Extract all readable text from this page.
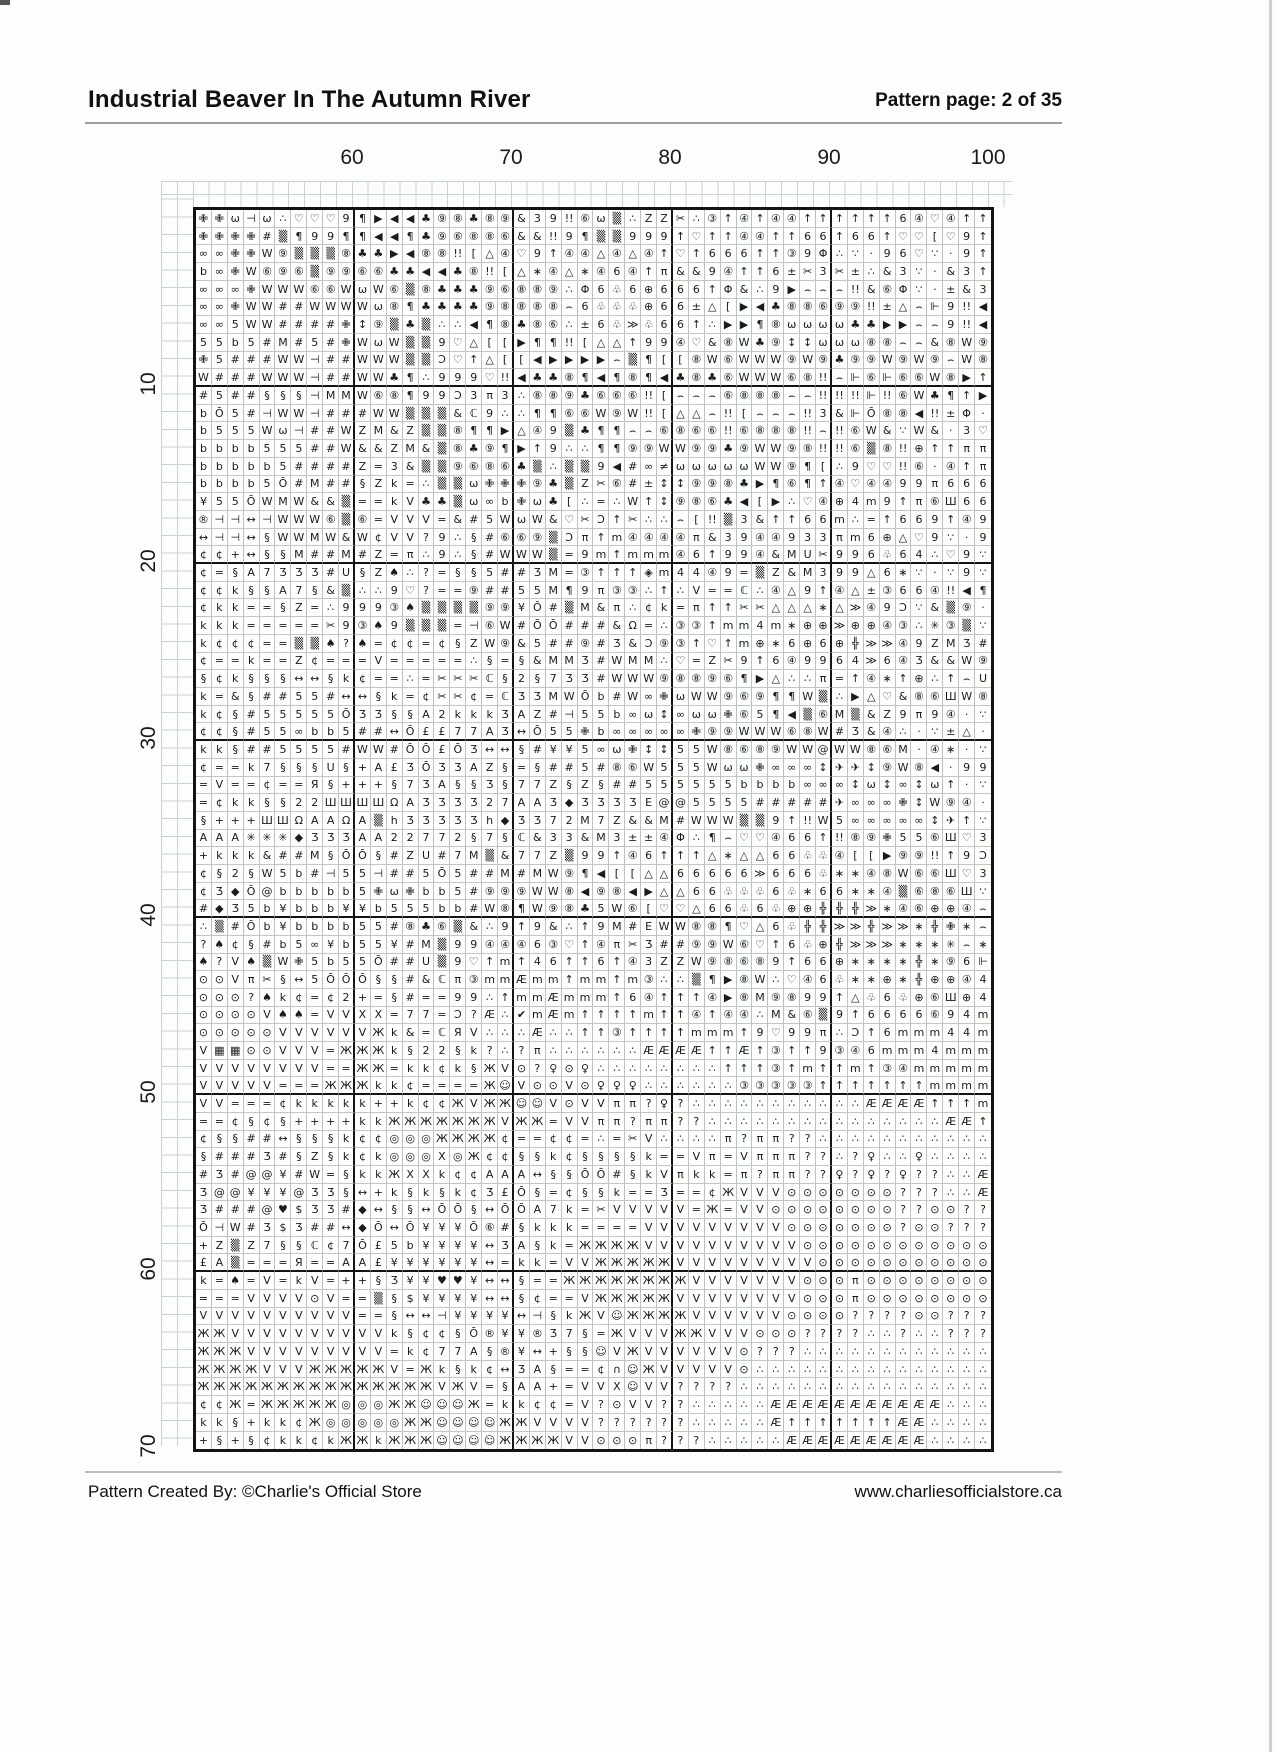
Industrial Beaver In The Autumn River	Pattern page: 2 of 35
60	70	80	90	100
10
20
30
40
50
60
70
✙ ✙ ω ⊣ ω ∴ ♡ ♡ ♡ 9 ¶ ▶ ◀ ◀ ♣ ⑨ ⑧ ♣ ⑧ ⑨ & 3 9 !! ⑥ ω ▒ ∴ Z Z ✂ ∴ ③ ↑ ④ ↑ ④ ④ ↑ ↑ ↑ ↑ ↑ ↑ 6 ④ ♡ ④ ↑ ↑
✙ ✙ ✙ ✙ # ▒ ¶ 9 9 ¶ ¶ ◀ ◀ ¶ ♣ ⑨ ⑥ ⑧ ⑧ ⑥ & & !! 9 ¶ ▒ ▒ 9 9 9 ↑ ♡ ↑ ↑ ④ ④ ↑ ↑ 6 6 ↑ 6 6 ↑ ♡ ♡ [ ♡ 9 ↑
∞ ∞ ✙ ✙ W ⑨ ▒ ▒ ▒ ⑧ ♣ ♣ ▶ ◀ ⑧ ⑧ !! [ △ ④ ♡ 9 ↑ ④ ④ △ ④ △ ④ ↑ ♡ ↑ 6 6 6 ↑ ↑ ③ 9 Φ ∴ ∵ · 9 6 ♡ ∵ · 9 ↑
b ∞ ✙ W ⑥ ⑨ ⑥ ▒ ⑨ ⑨ ⑥ ⑥ ♣ ♣ ◀ ◀ ♣ ⑧ !! [ △ ∗ ④ △ ∗ ④ 6 ④ ↑ π & & 9 ④ ↑ ↑ 6 ± ✂ 3 ✂ ± ∴ & 3 ∵ · & 3 ↑
∞ ∞ ∞ ✙ W W W ⑥ ⑥ W ω W ⑥ ▒ ⑧ ♣ ♣ ♣ ⑨ ⑥ ⑧ ⑧ ⑨ ∴ Φ 6 ♧ 6 ⊕ 6 6 6 ↑ Φ & ∴ 9 ▶ ⌢ ⌢ ⌢ !! & ⑥ Φ ∵ · ± & 3
∞ ∞ ✙ W W # # W W W W ω ⑧ ¶ ♣ ♣ ♣ ♣ ⑨ ⑧ ⑧ ⑧ ⑧ ⌢ 6 ♧ ♧ ♧ ⊕ 6 6 ± △ [ ▶ ◀ ♣ ⑧ ⑧ ⑥ ⑨ ⑨ !! ± △ ⌢ ⊩ 9 !! ◀
∞ ∞ 5 W W # # # # ✙ ↕ ⑨ ▒ ♣ ▒ ∴ ∴ ◀ ¶ ⑧ ♣ ⑧ ⑥ ∴ ± 6 ♧ ≫ ♧ 6 6 ↑ ∴ ▶ ▶ ¶ ⑧ ω ω ω ω ♣ ♣ ▶ ▶ ⌢ ⌢ 9 !! ◀
5 5 b 5 # M # 5 # ✙ W ω W ▒ ▒ 9 ♡ △ [	[ ▶ ¶ ¶ !! [ △ △ ↑ 9 9 ④ ♡ & ⑧ W ♣ ⑨ ↕ ↕ ω ω ω ⑧ ⑧ ⌢ ⌢ & ⑧ W ⑨
✙ 5 # # # W W ⊣ # # W W W ▒ ▒ Ɔ ♡ ↑ △ [	[ ◀ ▶ ▶ ▶ ▶ ⌢ ▒ ¶ [	[ ⑧ W ⑥ W W W ⑨ W ⑨ ♣ ⑨ ⑨ W ⑨ W ⑨ ⌢ W ⑧
W # # # W W W ⊣ # # W W ♣ ¶ ∴ 9 9 9 ♡ !! ◀ ♣ ♣ ⑧ ¶ ◀ ¶ ⑧ ¶ ◀ ♣ ⑧ ♣ ⑥ W W W ⑥ ⑧ !! ⌢ ⊩ ⑥ ⊩ ⑥ ⑥ W ⑧ ▶ ↑
# 5 # # § § § ⊣ M M W ⑥ ⑧ ¶ 9 9 Ɔ 3 π 3 ∴ ⑧ ⑧ ⑨ ♣ ⑥ ⑥ ⑥ !! [ ⌢ ⌢ ⌢ ⑥ ⑧ ⑧ ⑧ ⌢ ⌢ !! !! !! ⊩ !! ⑥ W ♣ ¶ ↑ ▶
b Ō 5 # ⊣ W W ⊣ # # # W W ▒ ▒ ▒ & ℂ 9 ∴ ∴ ¶ ¶ ⑥ ⑥ W ⑨ W !! [ △ △ ⌢ !! [ ⌢ ⌢ ⌢ !! 3 & ⊩ Ō ⑧ ⑧ ◀ !! ± Φ ·
b 5 5 5 W ω ⊣ # # W Z M & Z ▒ ▒ ⑧ ¶ ¶ ▶ △ ④ 9 ▒ ♣ ¶ ¶ ⌢ ⌢ ⑥ ⑧ ⑥ ⑥ !! ⑥ ⑧ ⑧ ⑧ !! ⌢ !! ⑥ W & ∵ W & · 3 ♡
b b b b 5 5 5 # # W & & Z M & ▒ ⑧ ♣ ⑨ ¶ ▶ ↑ 9 ∴ ∴ ¶ ¶ ⑨ ⑨ W W ⑨ ⑨ ♣ ⑨ W W ⑨ ⑧ !! !! ⑥ ▒ ⑧ !! ⊕ ↑ ↑ π π
b b b b b 5 # # # # Z = 3 & ▒ ▒ ⑨ ⑥ ⑧ ⑥ ♣ ▒ ∴ ▒ ▒ 9 ◀ # ∞ ≠ ω ω ω ω ω W W ⑨ ¶ [ ∴ 9 ♡ ♡ !! ⑥ · ④ ↑ π
b b b b 5 Ō # M # # § Z k = ∴ ▒ ▒ ω ✙ ✙ ✙ ⑨ ♣ ▒ Z ✂ ⑥ # ± ↕ ↕ ⑨ ⑨ ⑧ ♣ ▶ ¶ ⑥ ¶ ↑ ④ ♡ ④ ④ 9 9 π 6 6 6
¥ 5 5 Ō W M W & & ▒ = = k V ♣ ♣ ▒ ω ∞ b ✙ ω ♣ [ ∴ = ∴ W ↑ ↕ ⑨ ⑧ ⑥ ♣ ◀ [ ▶ ∴ ♡ ④ ⊕ 4 m 9 ↑ π ⑥ Ш 6 6
® ⊣ ⊣ ↔ ⊣ W W W ⑥ ▒ ⑥ = V V V = & # 5 W ω W & ♡ ✂ Ɔ ↑ ✂ ∴ ∴ ⌢ [ !! ▒ 3 & ↑ ↑ 6 6 m ∴ = ↑ 6 6 9 ↑ ④ 9
↔ ⊣ ⊣ ↔ § W W M W & W ¢ V V ? 9 ∴ § # ⑥ ⑥ ⑨ ▒ Ɔ π ↑ m ④ ④ ④ ④ π & 3 9 ④ ④ 9 3 3 π m 6 ⊕ △ ♡ 9 ∵ ·	9
¢ ¢ + ↔ § § M # # M # Z = π ∴ 9 ∴ § # W W W ▒ = 9 m ↑ m m m ④ 6 ↑ 9 9 ④ & M U ✂ 9 9 6 ♧ 6 4 ∴ ♡ 9 ∵
¢ = § A 7 Ʒ Ʒ Ʒ # U § Z ♠ ∴ ? = § § 5 # # Ʒ M = ③ ↑ ↑ ↑ ◈ m 4 4 ④ 9 = ▒ Z & M 3 9 9 △ 6 ∗ ∵ · ∵ 9 ∵
¢ ¢ k § § A 7 § & ▒ ∴ ∴ 9 ♡ ? = = ⑨ # # 5 5 M ¶ 9 π ③ ③ ∴ ↑ ∴ V = = ℂ ∴ ④ △ 9 ↑ ④ △ ± ③ 6 6 ④ !! ◀ ¶
¢ k k = = § Z = ∴ 9 9 9 ③ ♠ ▒ ▒ ▒ ▒ ⑨ ⑨ ¥ Ō # ▒ M & π ∴ ¢ k = π ↑ ↑ ✂ ✂ △ △ △ ∗ △ ≫ ④ 9 Ɔ ∵ & ▒ ⑨ ·
k k k = = = = = ✂ 9 ③ ♠ 9 ▒ ▒ ▒ = ⊣ ⑥ W # Ō Ō # # # & Ω = ∴ ③ ③ ↑ m m 4 m ∗ ⊕ ⊕ ≫ ⊕ ⊕ ④ ③ ∴ ✳ ③ ▒ ∵
k ¢ ¢ ¢ = = ▒ ▒ ♠ ? ♠ = ¢ ¢ = ¢ § Z W ⑨ & 5 # # ⑨ # Ʒ & Ɔ ⑨ ③ ↑ ♡ ↑ m ⊕ ∗ 6 ⊕ 6 ⊕ ╬ ≫ ≫ ④ 9 Z M Ʒ #
¢ = = k = = Z ¢ = = = V = = = = = ∴ § = § & M M Ʒ # W M M ∴ ♡ = Z ✂ 9 ↑ 6 ④ 9 9 6 4 ≫ 6 ④ Ʒ & & W ⑨
§ ¢ k § § § ↔ ↔ § k ¢ = = ∴ = ✂ ✂ ✂ ℂ § 2 § 7 Ʒ Ʒ # W W W ⑨ ⑧ ⑧ ⑨ ⑥ ¶ ▶ △ ∴ ∴ π = ↑ ④ ∗ ↑ ⊕ ∴ ↑ ⌢ U
k = & § # # 5 5 # ↔ ↔ § k = ¢ ✂ ✂ ¢ = ℂ Ʒ Ʒ M W Ō b # W ∞ ✙ ω W W ⑨ ⑥ ⑨ ¶ ¶ W ▒ ∴ ▶ △ ♡ & ⑧ ⑥ Ш W ⑧
k ¢ § # 5 5 5 5 5 Ō Ʒ Ʒ § § A 2 k k k Ʒ A Z # ⊣ 5 5 b ∞ ω ↕ ∞ ω ω ✙ ⑥ 5 ¶ ◀ ▒ ⑥ M ▒ & Z 9 π 9 ④ ·	∵
¢ ¢ § # 5 5 ∞ b b 5 # # ↔ Ō £ £ 7 7 A Ʒ ↔ Ō 5 5 ✙ b ∞ ∞ ∞ ∞ ∞ ✙ ⑨ ⑨ W W W ⑥ ⑧ W # Ʒ & ④ ∴ · ∵ ± △ ·
k k § # # 5 5 5 5 # W W # Ō Ō £ Ō Ʒ ↔ ↔ § # ¥ ¥ 5 ∞ ω ✙ ↕ ↕ 5 5 W ⑧ ⑥ ⑧ ⑨ W W @ W W ⑧ ⑥ M · ④ ∗ ·	∵
¢ = = k 7 § § § U § + A £ Ʒ Ō Ʒ Ʒ A Z § = § # # 5 # ⑧ ⑥ W 5 5 5 W ω ω ✙ ∞ ∞ ∞ ↕ ✈ ✈ ↕ ⑨ W ⑧ ◀ · 9 9
= V = = ¢ = = Я § + + + § 7 Ʒ A § § Ʒ § 7 7 Z § Z § # # 5 5 5 5 5 5 b b b b ∞ ∞ ∞ ↕ ω ↕ ∞ ↕ ω ↑ ·	∵
= ¢ k k § § 2 2 Ш Ш Ш Ш Ω A Ʒ Ʒ Ʒ Ʒ 2 7 A A Ʒ ◆ Ʒ Ʒ Ʒ Ʒ E @ @ 5 5 5 5 # # # # # ✈ ∞ ∞ ∞ ✙ ↕ W ⑨ ④ ·
§ + + + Ш Ш Ω A A Ω A ▒ h Ʒ Ʒ Ʒ Ʒ Ʒ h ◆ Ʒ Ʒ 7 2 M 7 Z & & M # W W W ▒ ▒ 9 ↑ !! W 5 ∞ ∞ ∞ ∞ ∞ ↕ ✈ ↑ ∵
A A A ✳ ✳ ✳ ◆ Ʒ Ʒ Ʒ A A 2 2 7 7 2 § 7 § ℂ & 3 3 & M 3 ± ± ④ Φ ∴ ¶ ⌢ ♡ ♡ ④ 6 6 ↑ !! ⑧ ⑨ ✙ 5 5 ⑥ Ш ♡ 3
+ k k k & # # M § Ō Ō § # Z U # 7 M ▒ & 7 7 Z ▒ 9 9 ↑ ④ 6 ↑ ↑ ↑ △ ∗ △ △ 6 6 ♧ ♧ ④ [	[ ▶ ⑨ ⑨ !! ↑ 9 Ɔ
¢ § 2 § W 5 b # ⊣ 5 5 ⊣ # # 5 Ō 5 # # M # M W ⑨ ¶ ◀ [	[ △ △ 6 6 6 6 6 ≫ 6 6 6 ♧ ∗ ∗ ④ ⑧ W ⑥ ⑥ Ш ♡ 3
¢ Ʒ ◆ Ō @ b b b b b 5 ✙ ω ✙ b b 5 # ⑨ ⑨ ⑨ W W ⑧ ◀ ⑨ ⑧ ◀ ▶ △ △ 6 6 ♧ ♧ ♧ 6 ♧ ∗ 6 6 ∗ ∗ ④ ▒ ⑥ ⑧ ⑥ Ш ∵
# ◆ Ʒ 5 b ¥ b b b ¥ ¥ b 5 5 5 b b # W ⑧ ¶ W ⑨ ⑧ ♣ 5 W ⑥ [ ♡ ♡ △ 6 6 ♧ 6 ♧ ⊕ ⊕ ╬ ╬ ╬ ≫ ∗ ④ ⑥ ⊕ ⊕ ④ ⌢
∴ ▒ # Ō b ¥ b b b b 5 5 # ⑧ ♣ ⑥ ▒ & ∴ 9 ↑ 9 & ∴ ↑ 9 M # E W W ⑧ ⑧ ¶ ♡ △ 6 ♧ ╬ ╬ ≫ ≫ ╬ ≫ ≫ ∗ ╬ ✙ ∗ ⌢
? ♠ ¢ § # b 5 ∞ ¥ b 5 5 ¥ # M ▒ 9 9 ④ ④ ④ 6 ③ ♡ ↑ ④ π ✂ Ʒ # # ⑨ ⑨ W ⑥ ♡ ↑ 6 ♧ ⊕ ╬ ≫ ≫ ≫ ∗ ∗ ∗ ✳ ⌢ ∗
♠ ? V ♠ ▒ W ✙ 5 b 5 5 Ō # # U ▒ 9 ♡ ↑ m ↑ 4 6 ↑ ↑ 6 ↑ ④ 3 Z Z W ⑨ ⑧ ⑥ ⑧ 9 ↑ 6 6 ⊕ ∗ ∗ ∗ ∗ ╬ ∗ ⑨ 6 ⊩
⊙ ⊙ V π ✂ § ↔ 5 Ō Ō Ō § § # & ℂ π ③ m m Æ m m ↑ m m ↑ m ③ ∴ ∴ ▒ ¶ ▶ ⑧ W ∴ ♡ ④ 6 ♧ ∗ ∗ ⊕ ∗ ╬ ⊕ ⊕ ④ 4
⊙ ⊙ ⊙ ? ♠ k ¢ = ¢ 2 + = § # = = 9 9 ∴ ↑ m m Æ m m m ↑ 6 ④ ↑ ↑ ↑ ④ ▶ ⑧ M ⑨ ⑧ 9 9 ↑ △ ♧ 6 ♧ ⊕ ⑥ Ш ⊕ 4
⊙ ⊙ ⊙ ⊙ V ♠ ♠ = V V X X = 7 7 = Ɔ ? Æ ∴ ✔ m Æ m ↑ ↑ ↑ ↑ m ↑ ↑ ④ ↑ ④ ④ ∴ M & ⑥ ▒ 9 ↑ 6 6 6 6 ⑥ 9 4 m
⊙ ⊙ ⊙ ⊙ ⊙ V V V V V V Ж k & = ℂ Я V ∴ ∴ ∴ Æ ∴ ∴ ↑ ↑ ③ ↑ ↑ ↑ ↑ m m m ↑ 9 ♡ 9 9 π ∴ Ɔ ↑ 6 m m m 4 4 m
V ▦ ▦ ⊙ ⊙ V V V = Ж Ж Ж k § 2 2 § k ? ∴ ? π ∴ ∴ ∴ ∴ ∴ ∴ Æ Æ Æ Æ ↑ ↑ Æ ↑ ③ ↑ ↑ 9 ③ ④ 6 m m m 4 m m m
V V V V V V V V = = Ж Ж = k k ¢ k § Ж V ⊙ ? ♀ ⊙ ♀ ∴ ∴ ∴ ∴ ∴ ∴ ∴ ∴ ↑ ↑ ↑ ③ ↑ m ↑ ↑ m ↑ ③ ④ m m m m m
V V V V V = = = Ж Ж Ж k k ¢ = = = = Ж ☺ V ⊙ ⊙ V ⊙ ♀ ♀ ♀ ∴ ∴ ∴ ∴ ∴ ∴ ③ ③ ③ ③ ③ ↑ ↑ ↑ ↑ ↑ ↑ ↑ m m m m
V V = = = ¢ k k k k k + + k ¢ ¢ Ж V Ж Ж ☺ ☺ V ⊙ V V π π ? ♀ ? ∴ ∴ ∴ ∴ ∴ ∴ ∴ ∴ ∴ ∴ ∴ Æ Æ Æ Æ ↑ ↑ ↑ m
= = ¢ § ¢ § + + + + k k Ж Ж Ж Ж Ж Ж Ж V Ж Ж = V V π π ? π π ? ? ∴ ∴ ∴ ∴ ∴ ∴ ∴ ∴ ∴ ∴ ∴ ∴ ∴ ∴ ∴ Æ Æ ↑
¢ § § # # ↔ § § § k ¢ ¢ ◎ ◎ ◎ Ж Ж Ж Ж ¢ = = ¢ ¢ = ∴ = ✂ V ∴ ∴ ∴ ∴ π ? π π ? ? ∴ ∴ ∴ ∴ ∴ ∴ ∴ ∴ ∴ ∴ ∴
§ # # # Ʒ # § Z § k ¢ k ◎ ◎ ◎ X ◎ Ж ¢ ¢ § § k ¢ § § § § k = = V π = V π π π ? ? ∴ ? ♀ ∴ ∴ ♀ ∴ ∴ ∴ ∴
# Ʒ # @ @ ¥ # W = § k k Ж X X k ¢ ¢ A A A ↔ § § Ō Ō # § k V π k k = π ? π π ? ? ♀ ? ♀ ? ♀ ? ? ∴ ∴ Æ
Ʒ @ @ ¥ ¥ ¥ @ Ʒ Ʒ § ↔ + k § k § k ¢ Ʒ £ Ō § = ¢ § § k = = Ʒ = = ¢ Ж V V V ⊙ ⊙ ⊙ ⊙ ⊙ ⊙ ⊙ ? ? ? ∴ ∴ Æ
Ʒ # # # @ ♥ $ Ʒ Ʒ # ◆ ↔ § § ↔ Ō Ō § ↔ Ō Ō A 7 k = ✂ V V V V V = Ж = V V ⊙ ⊙ ⊙ ⊙ ⊙ ⊙ ⊙ ⊙ ? ? ⊙ ⊙ ? ?
Ō ⊣ W # Ʒ $ Ʒ # # ↔ ◆ Ō ↔ Ō ¥ ¥ ¥ Ō ⑥ # § k k k = = = = V V V V V V V V V ⊙ ⊙ ⊙ ⊙ ⊙ ⊙ ⊙ ? ⊙ ⊙ ? ? ?
+ Z ▒ Z 7 § § ℂ ¢ 7 Ō £ 5 b ¥ ¥ ¥ ¥ ↔ Ʒ A § k = Ж Ж Ж Ж V V V V V V V V V V ⊙ ⊙ ⊙ ⊙ ⊙ ⊙ ⊙ ⊙ ⊙ ⊙ ⊙ ⊙
£ A ▒ = = = Я = = A A £ ¥ ¥ ¥ ¥ ¥ ¥ ↔ = k k = V V Ж Ж Ж Ж Ж V V V V V V V V V ⊙ ⊙ ⊙ ⊙ ⊙ ⊙ ⊙ ⊙ ⊙ ⊙ ⊙
k = ♠ = V = k V = + + § Ʒ ¥ ¥ ♥ ♥ ¥ ↔ ↔ § = = Ж Ж Ж Ж Ж Ж Ж Ж V V V V V V V ⊙ ⊙ ⊙ π ⊙ ⊙ ⊙ ⊙ ⊙ ⊙ ⊙ ⊙
= = = V V V V ⊙ V = = ▒ § $ ¥ ¥ ¥ ¥ ↔ ↔ § ¢ = = V Ж Ж Ж Ж Ж V V V V V V V V ⊙ ⊙ ⊙ π ⊙ ⊙ ⊙ ⊙ ⊙ ⊙ ⊙ ⊙
V V V V V V V V V V = = § ↔ ↔ ⊣ ¥ ¥ ¥ ¥ ↔ ⊣ § k Ж V ☺ Ж Ж Ж Ж V V V V V V ⊙ ⊙ ⊙ ⊙ ? ? ? ? ⊙ ⊙ ? ? ?
Ж Ж V V V V V V V V V V k § ¢ ¢ § Ō ® ¥ ¥ ® Ʒ 7 § = Ж V V V Ж Ж V V V ⊙ ⊙ ⊙ ? ? ? ? ∴ ∴ ? ∴ ∴ ? ? ?
Ж Ж Ж V V V V V V V V V = k ¢ 7 7 A § ® ¥ ↔ + § § ☺ V Ж V V V V V V ⊙ ? ? ? ∴ ∴ ∴ ∴ ∴ ∴ ∴ ∴ ∴ ∴ ∴ ∴
Ж Ж Ж Ж V V V Ж Ж Ж Ж Ж V = Ж k § k ¢ ↔ Ʒ A § = = ¢ ∩ ☺ Ж V V V V V ⊙ ∴ ∴ ∴ ∴ ∴ ∴ ∴ ∴ ∴ ∴ ∴ ∴ ∴ ∴ ∴
Ж Ж Ж Ж Ж Ж Ж Ж Ж Ж Ж Ж Ж Ж Ж V Ж V = § A A + = V V X ☺ V V ? ? ? ? ∴ ∴ ∴ ∴ ∴ ∴ ∴ ∴ ∴ ∴ ∴ ∴ ∴ ∴ ∴ ∴
¢ ¢ Ж = Ж Ж Ж Ж Ж ◎ ◎ ◎ Ж Ж ☺ ☺ ☺ Ж = k k ¢ ¢ = V ? ⊙ V V ? ? ∴ ∴ ∴ ∴ ∴ Æ Æ Æ Æ Æ Æ Æ Æ Æ Æ Æ ∴ ∴ ∴
k k § + k k ¢ Ж ◎ ◎ ◎ ◎ ◎ Ж Ж ☺ ☺ ☺ ☺ Ж Ж V V V V ? ? ? ? ? ? ∴ ∴ ∴ ∴ ∴ Æ ↑ ↑ ↑ ↑ ↑ ↑ ↑ Æ Æ ∴ ∴ ∴ ∴
+ § + § ¢ k k ¢ k Ж Ж k Ж Ж Ж ☺ ☺ ☺ ☺ Ж Ж Ж Ж V V ⊙ ⊙ ⊙ π ? ? ? ∴ ∴ ∴ ∴ ∴ Æ Æ Æ Æ Æ Æ Æ Æ Æ ∴ ∴ ∴ ∴
Pattern Created By: ©Charlie's Official Store	www.charliesofficialstore.ca
